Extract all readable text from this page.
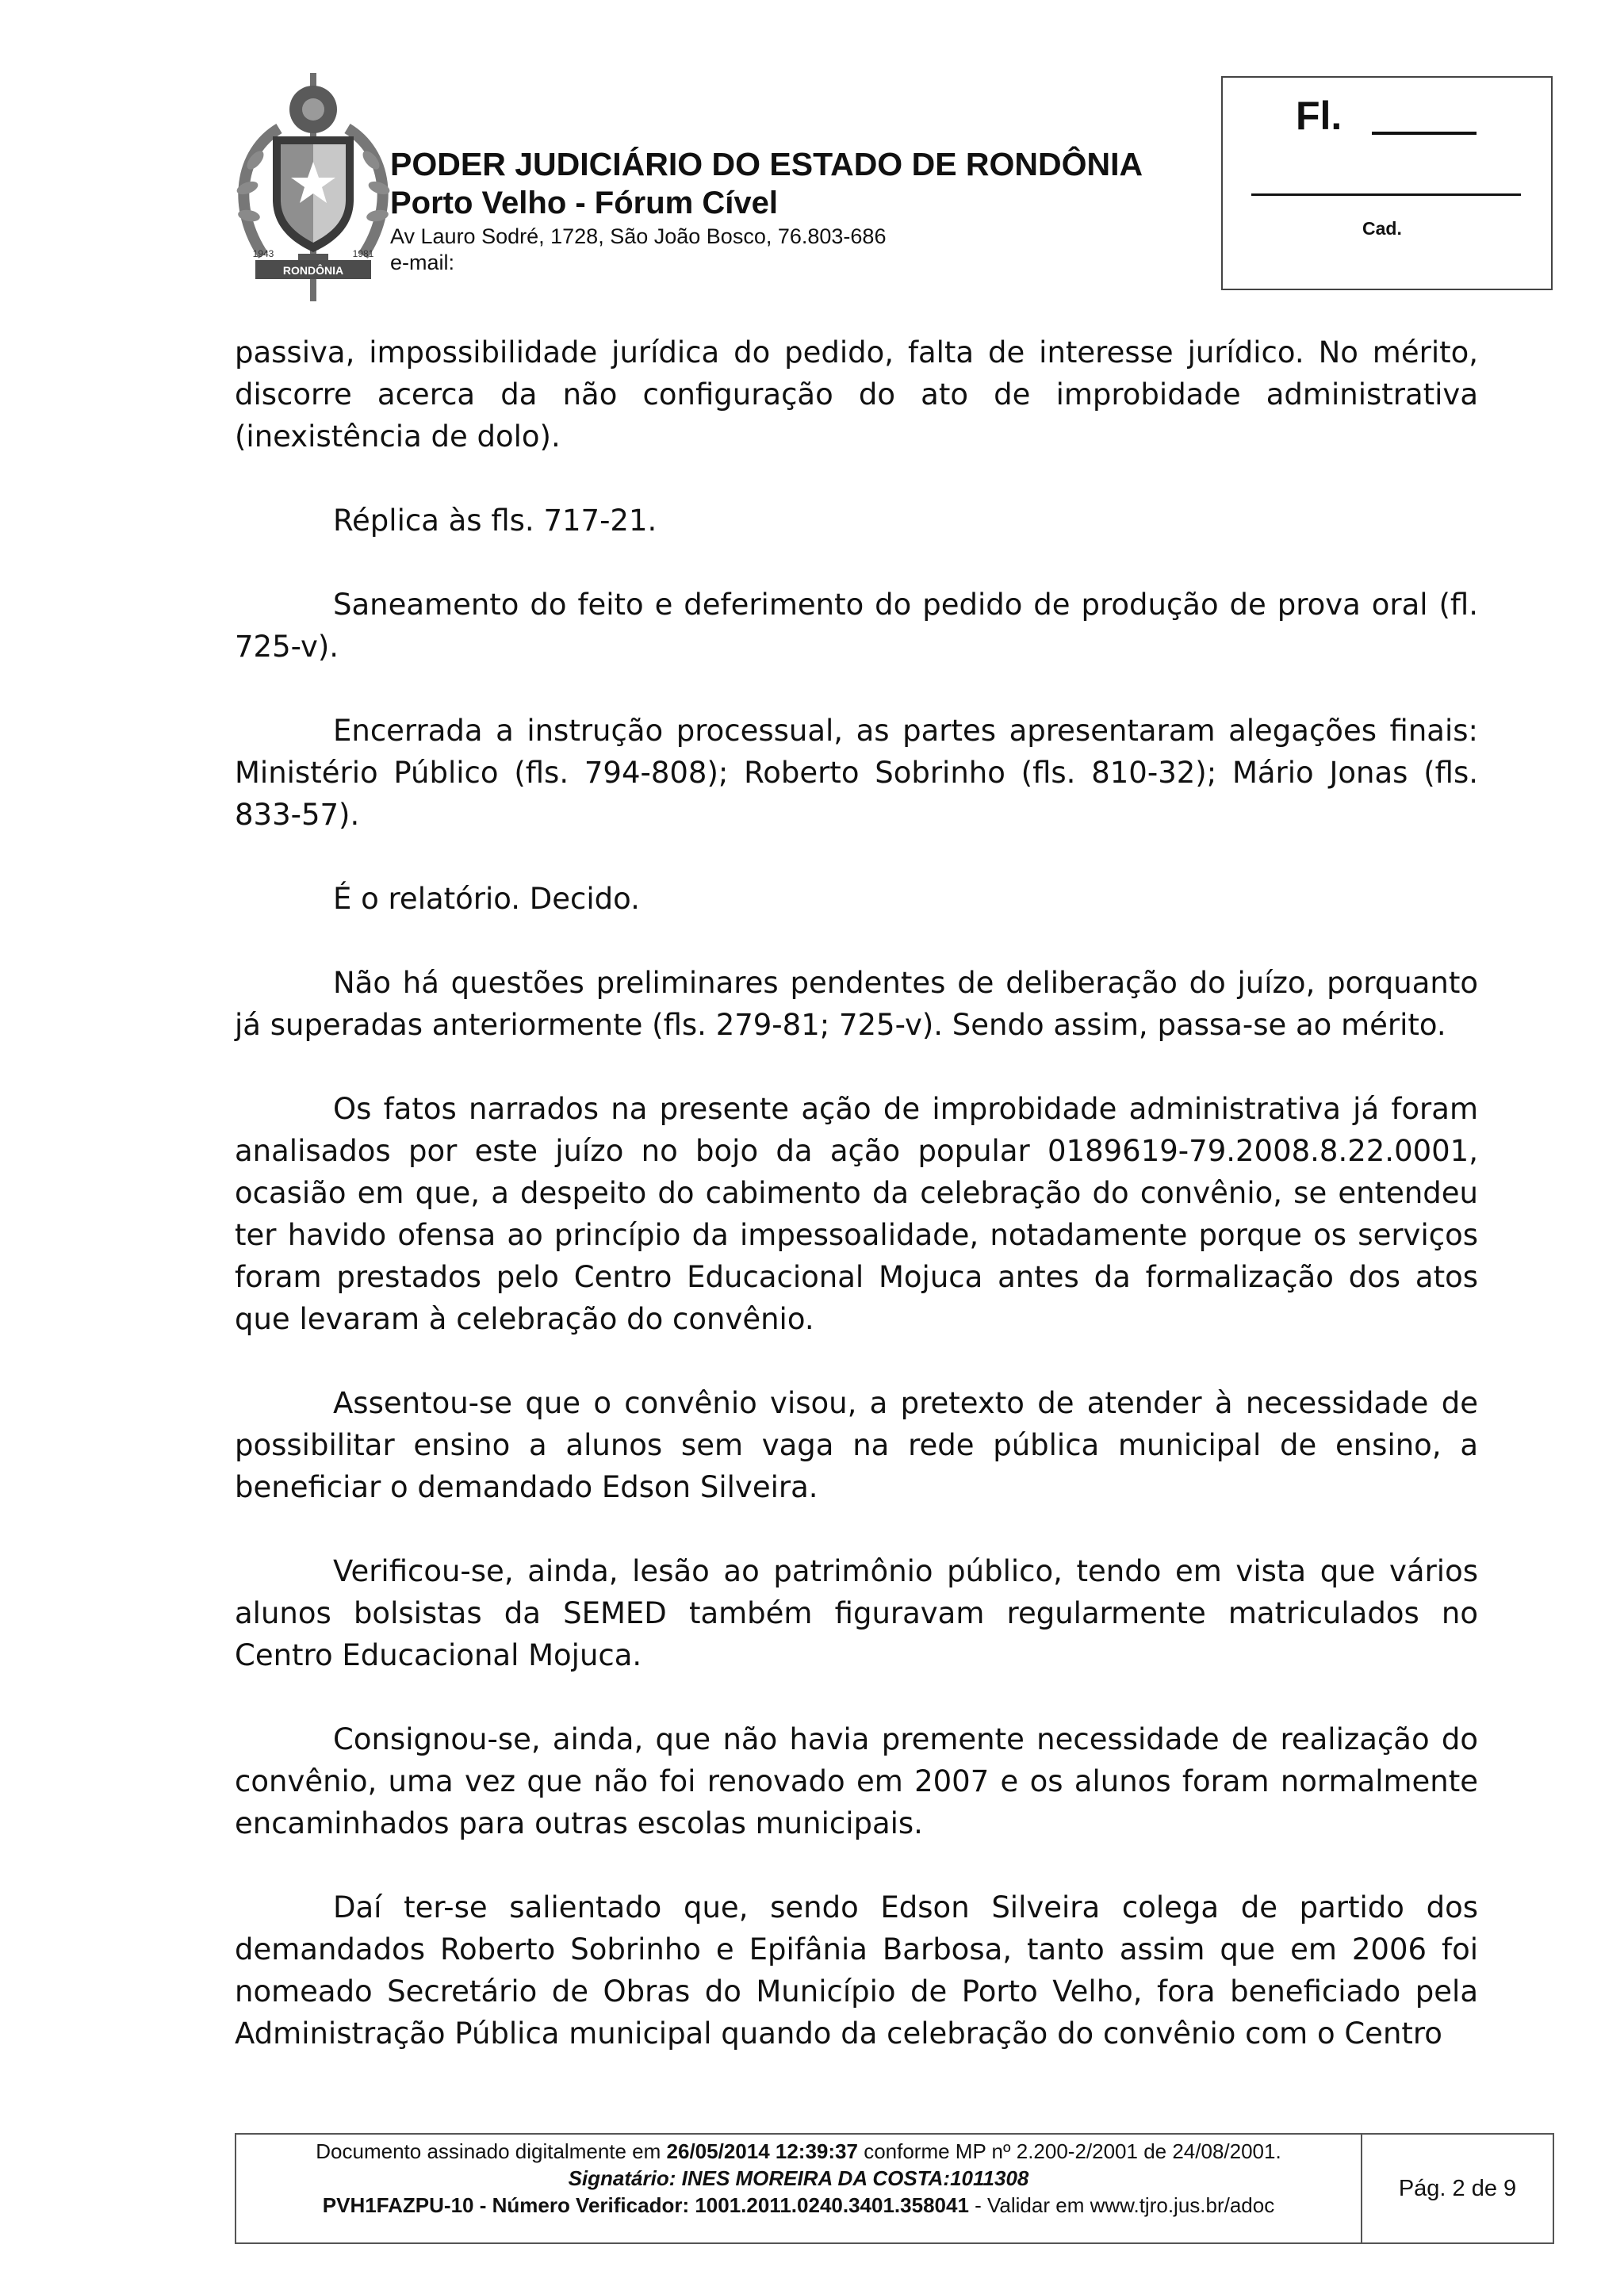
RONDÔNIA
1943	1981
PODER JUDICIÁRIO DO ESTADO DE RONDÔNIA
Porto Velho - Fórum Cível
Av Lauro Sodré, 1728, São João Bosco, 76.803-686
e-mail:
Fl.
Cad.

passiva, impossibilidade jurídica do pedido, falta de interesse jurídico. No mérito, discorre acerca da não configuração do ato de improbidade administrativa (inexistência de dolo).

Réplica às fls. 717-21.

Saneamento do feito e deferimento do pedido de produção de prova oral (fl. 725-v).

Encerrada a instrução processual, as partes apresentaram alegações finais: Ministério Público (fls. 794-808); Roberto Sobrinho (fls. 810-32); Mário Jonas (fls. 833-57).

É o relatório. Decido.

Não há questões preliminares pendentes de deliberação do juízo, porquanto já superadas anteriormente (fls. 279-81; 725-v). Sendo assim, passa-se ao mérito.

Os fatos narrados na presente ação de improbidade administrativa já foram analisados por este juízo no bojo da ação popular 0189619-79.2008.8.22.0001, ocasião em que, a despeito do cabimento da celebração do convênio, se entendeu ter havido ofensa ao princípio da impessoalidade, notadamente porque os serviços foram prestados pelo Centro Educacional Mojuca antes da formalização dos atos que levaram à celebração do convênio.

Assentou-se que o convênio visou, a pretexto de atender à necessidade de possibilitar ensino a alunos sem vaga na rede pública municipal de ensino, a beneficiar o demandado Edson Silveira.

Verificou-se, ainda, lesão ao patrimônio público, tendo em vista que vários alunos bolsistas da SEMED também figuravam regularmente matriculados no Centro Educacional Mojuca.

Consignou-se, ainda, que não havia premente necessidade de realização do convênio, uma vez que não foi renovado em 2007 e os alunos foram normalmente encaminhados para outras escolas municipais.

Daí ter-se salientado que, sendo Edson Silveira colega de partido dos demandados Roberto Sobrinho e Epifânia Barbosa, tanto assim que em 2006 foi nomeado Secretário de Obras do Município de Porto Velho, fora beneficiado pela Administração Pública municipal quando da celebração do convênio com o Centro

Documento assinado digitalmente em 26/05/2014 12:39:37 conforme MP nº 2.200-2/2001 de 24/08/2001.
Signatário: INES MOREIRA DA COSTA:1011308
PVH1FAZPU-10 - Número Verificador: 1001.2011.0240.3401.358041 - Validar em www.tjro.jus.br/adoc
Pág. 2 de 9
